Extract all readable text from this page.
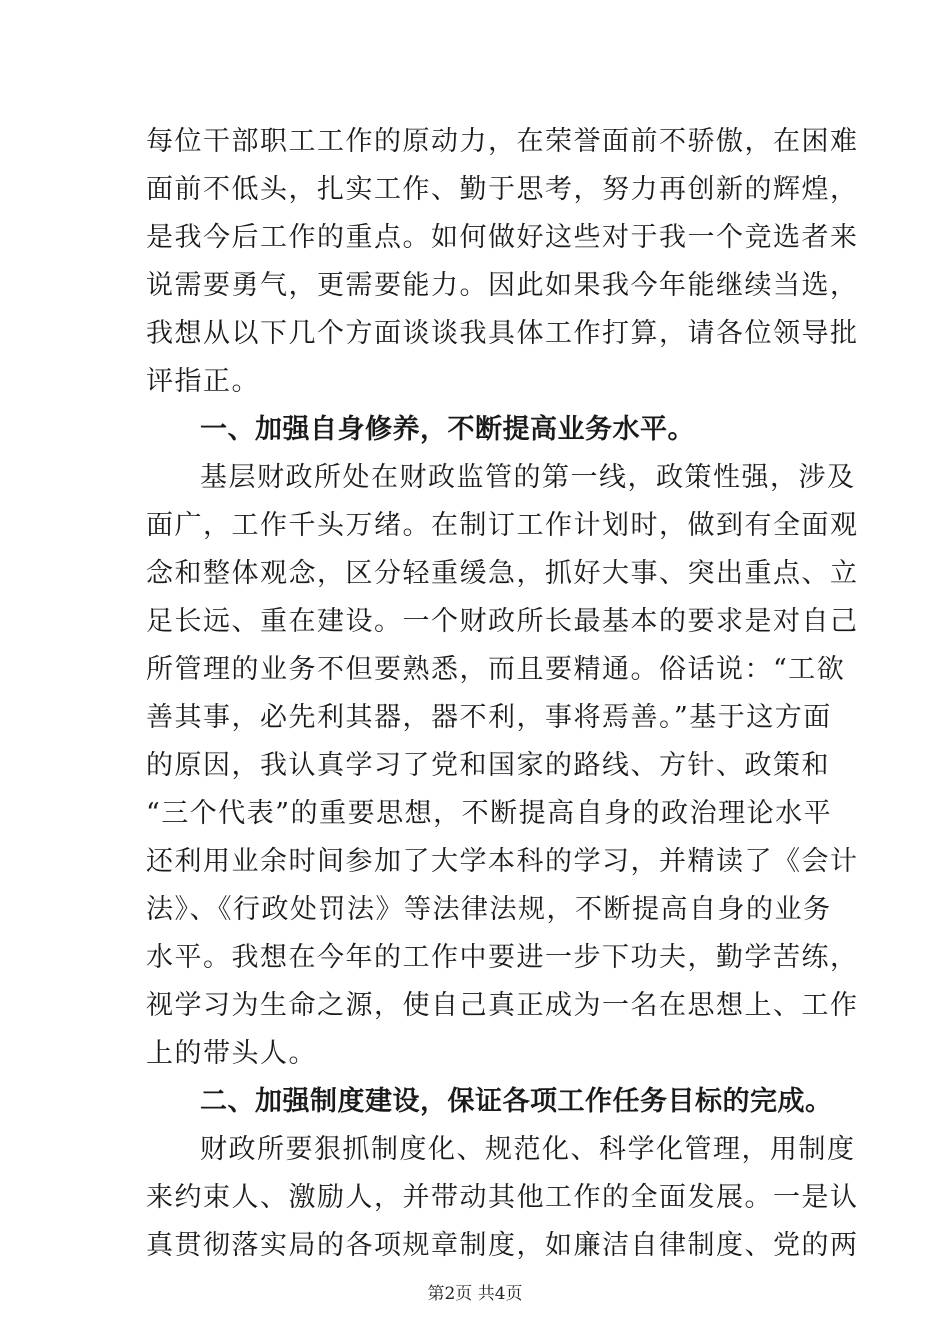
每位干部职工工作的原动力，在荣誉面前不骄傲，在困难
面前不低头，扎实工作、勤于思考，努力再创新的辉煌，
是我今后工作的重点。如何做好这些对于我一个竞选者来
说需要勇气，更需要能力。因此如果我今年能继续当选，
我想从以下几个方面谈谈我具体工作打算，请各位领导批
评指正。
一、加强自身修养，不断提高业务水平。
基层财政所处在财政监管的第一线，政策性强，涉及
面广，工作千头万绪。在制订工作计划时，做到有全面观
念和整体观念，区分轻重缓急，抓好大事、突出重点、立
足长远、重在建设。一个财政所长最基本的要求是对自己
所管理的业务不但要熟悉，而且要精通。俗话说：“工欲
善其事，必先利其器，器不利，事将焉善。”基于这方面
的原因，我认真学习了党和国家的路线、方针、政策和
“三个代表”的重要思想，不断提高自身的政治理论水平
还利用业余时间参加了大学本科的学习，并精读了《会计
法》、《行政处罚法》等法律法规，不断提高自身的业务
水平。我想在今年的工作中要进一步下功夫，勤学苦练，
视学习为生命之源，使自己真正成为一名在思想上、工作
上的带头人。
二、加强制度建设，保证各项工作任务目标的完成。
财政所要狠抓制度化、规范化、科学化管理，用制度
来约束人、激励人，并带动其他工作的全面发展。一是认
真贯彻落实局的各项规章制度，如廉洁自律制度、党的两
第2页 共4页
